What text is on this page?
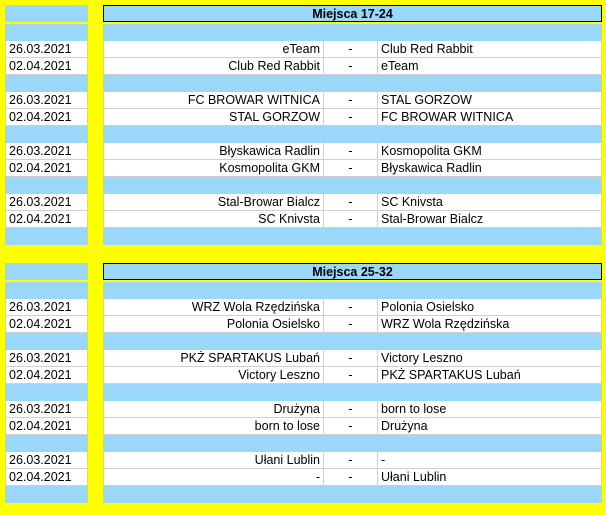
Miejsca 17-24
26.03.2021	eTeam	-	Club Red Rabbit
02.04.2021	Club Red Rabbit	-	eTeam
26.03.2021	FC BROWAR WITNICA	-	STAL GORZOW
02.04.2021	STAL GORZOW	-	FC BROWAR WITNICA
26.03.2021	Błyskawica Radlin	-	Kosmopolita GKM
02.04.2021	Kosmopolita GKM	-	Błyskawica Radlin
26.03.2021	Stal-Browar Bialcz	-	SC Knivsta
02.04.2021	SC Knivsta	-	Stal-Browar Bialcz
Miejsca 25-32
26.03.2021	WRZ Wola Rzędzińska	-	Polonia Osielsko
02.04.2021	Polonia Osielsko	-	WRZ Wola Rzędzińska
26.03.2021	PKŻ SPARTAKUS Lubań	-	Victory Leszno
02.04.2021	Victory Leszno	-	PKŻ SPARTAKUS Lubań
26.03.2021	Drużyna	-	born to lose
02.04.2021	born to lose	-	Drużyna
26.03.2021	Ułani Lublin	-	-
02.04.2021	-	-	Ułani Lublin
